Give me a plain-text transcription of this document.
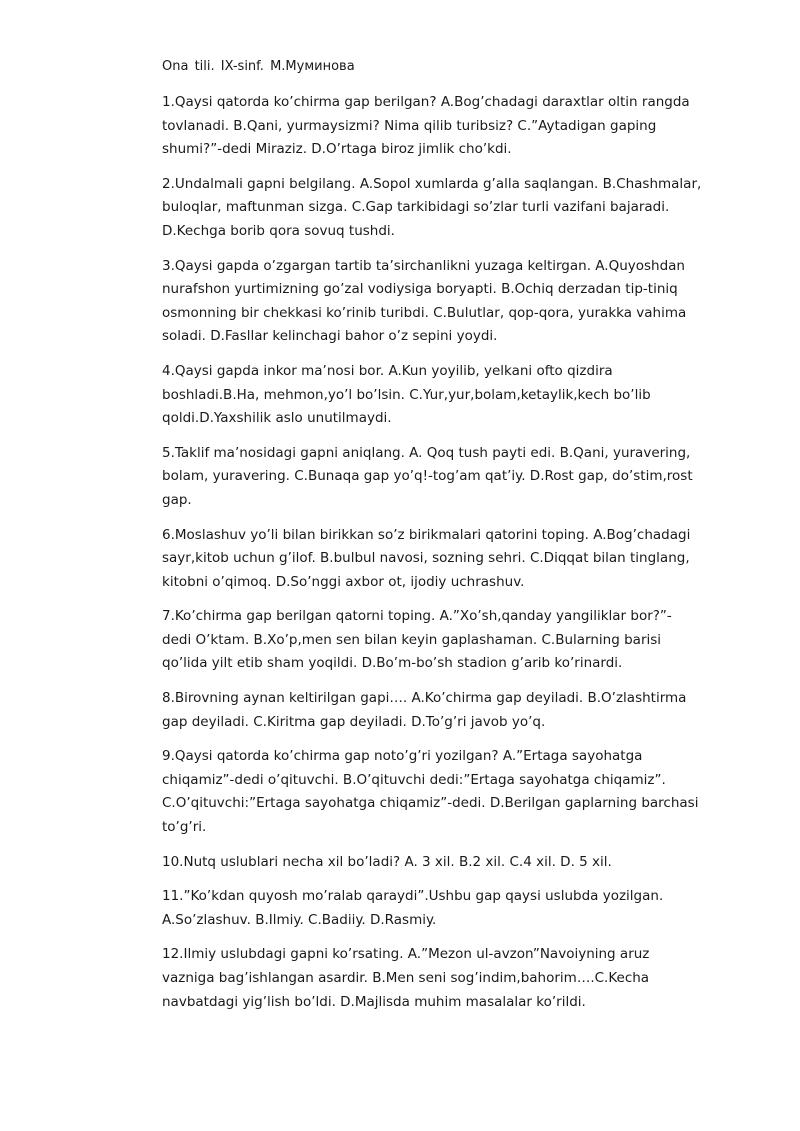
Ona tili. IX-sinf. М.Муминова

1.Qaysi qatorda ko’chirma gap berilgan? A.Bog’chadagi daraxtlar oltin rangda tovlanadi. B.Qani, yurmaysizmi? Nima qilib turibsiz? C.”Aytadigan gaping shumi?”-dedi Miraziz. D.O’rtaga biroz jimlik cho’kdi.

2.Undalmali gapni belgilang. A.Sopol xumlarda g’alla saqlangan. B.Chashmalar, buloqlar, maftunman sizga. C.Gap tarkibidagi so’zlar turli vazifani bajaradi. D.Kechga borib qora sovuq tushdi.

3.Qaysi gapda o’zgargan tartib ta’sirchanlikni yuzaga keltirgan. A.Quyoshdan nurafshon yurtimizning go’zal vodiysiga boryapti. B.Ochiq derzadan tip-tiniq osmonning bir chekkasi ko’rinib turibdi. C.Bulutlar, qop-qora, yurakka vahima soladi. D.Fasllar kelinchagi bahor o’z sepini yoydi.

4.Qaysi gapda inkor ma’nosi bor. A.Kun yoyilib, yelkani ofto qizdira boshladi.B.Ha, mehmon,yo’l bo’lsin. C.Yur,yur,bolam,ketaylik,kech bo’lib qoldi.D.Yaxshilik aslo unutilmaydi.

5.Taklif ma’nosidagi gapni aniqlang. A. Qoq tush payti edi. B.Qani, yuravering, bolam, yuravering. C.Bunaqa gap yo’q!-tog’am qat’iy. D.Rost gap, do’stim,rost gap.

6.Moslashuv yo’li bilan birikkan so’z birikmalari qatorini toping. A.Bog’chadagi sayr,kitob uchun g’ilof. B.bulbul navosi, sozning sehri. C.Diqqat bilan tinglang, kitobni o’qimoq. D.So’nggi axbor ot, ijodiy uchrashuv.

7.Ko’chirma gap berilgan qatorni toping. A.”Xo’sh,qanday yangiliklar bor?”- dedi O’ktam. B.Xo’p,men sen bilan keyin gaplashaman. C.Bularning barisi qo’lida yilt etib sham yoqildi. D.Bo’m-bo’sh stadion g’arib ko’rinardi.

8.Birovning aynan keltirilgan gapi…. A.Ko’chirma gap deyiladi. B.O’zlashtirma gap deyiladi. C.Kiritma gap deyiladi. D.To’g’ri javob yo’q.

9.Qaysi qatorda ko’chirma gap noto’g’ri yozilgan? A.”Ertaga sayohatga chiqamiz”-dedi o’qituvchi. B.O’qituvchi dedi:”Ertaga sayohatga chiqamiz”. C.O’qituvchi:”Ertaga sayohatga chiqamiz”-dedi. D.Berilgan gaplarning barchasi to’g’ri.

10.Nutq uslublari necha xil bo’ladi? A. 3 xil. B.2 xil. C.4 xil. D. 5 xil.

11.”Ko’kdan quyosh mo’ralab qaraydi”.Ushbu gap qaysi uslubda yozilgan. A.So’zlashuv. B.Ilmiy. C.Badiiy. D.Rasmiy.

12.Ilmiy uslubdagi gapni ko’rsating. A.”Mezon ul-avzon”Navoiyning aruz vazniga bag’ishlangan asardir. B.Men seni sog’indim,bahorim….C.Kecha navbatdagi yig’lish bo’ldi. D.Majlisda muhim masalalar ko’rildi.
